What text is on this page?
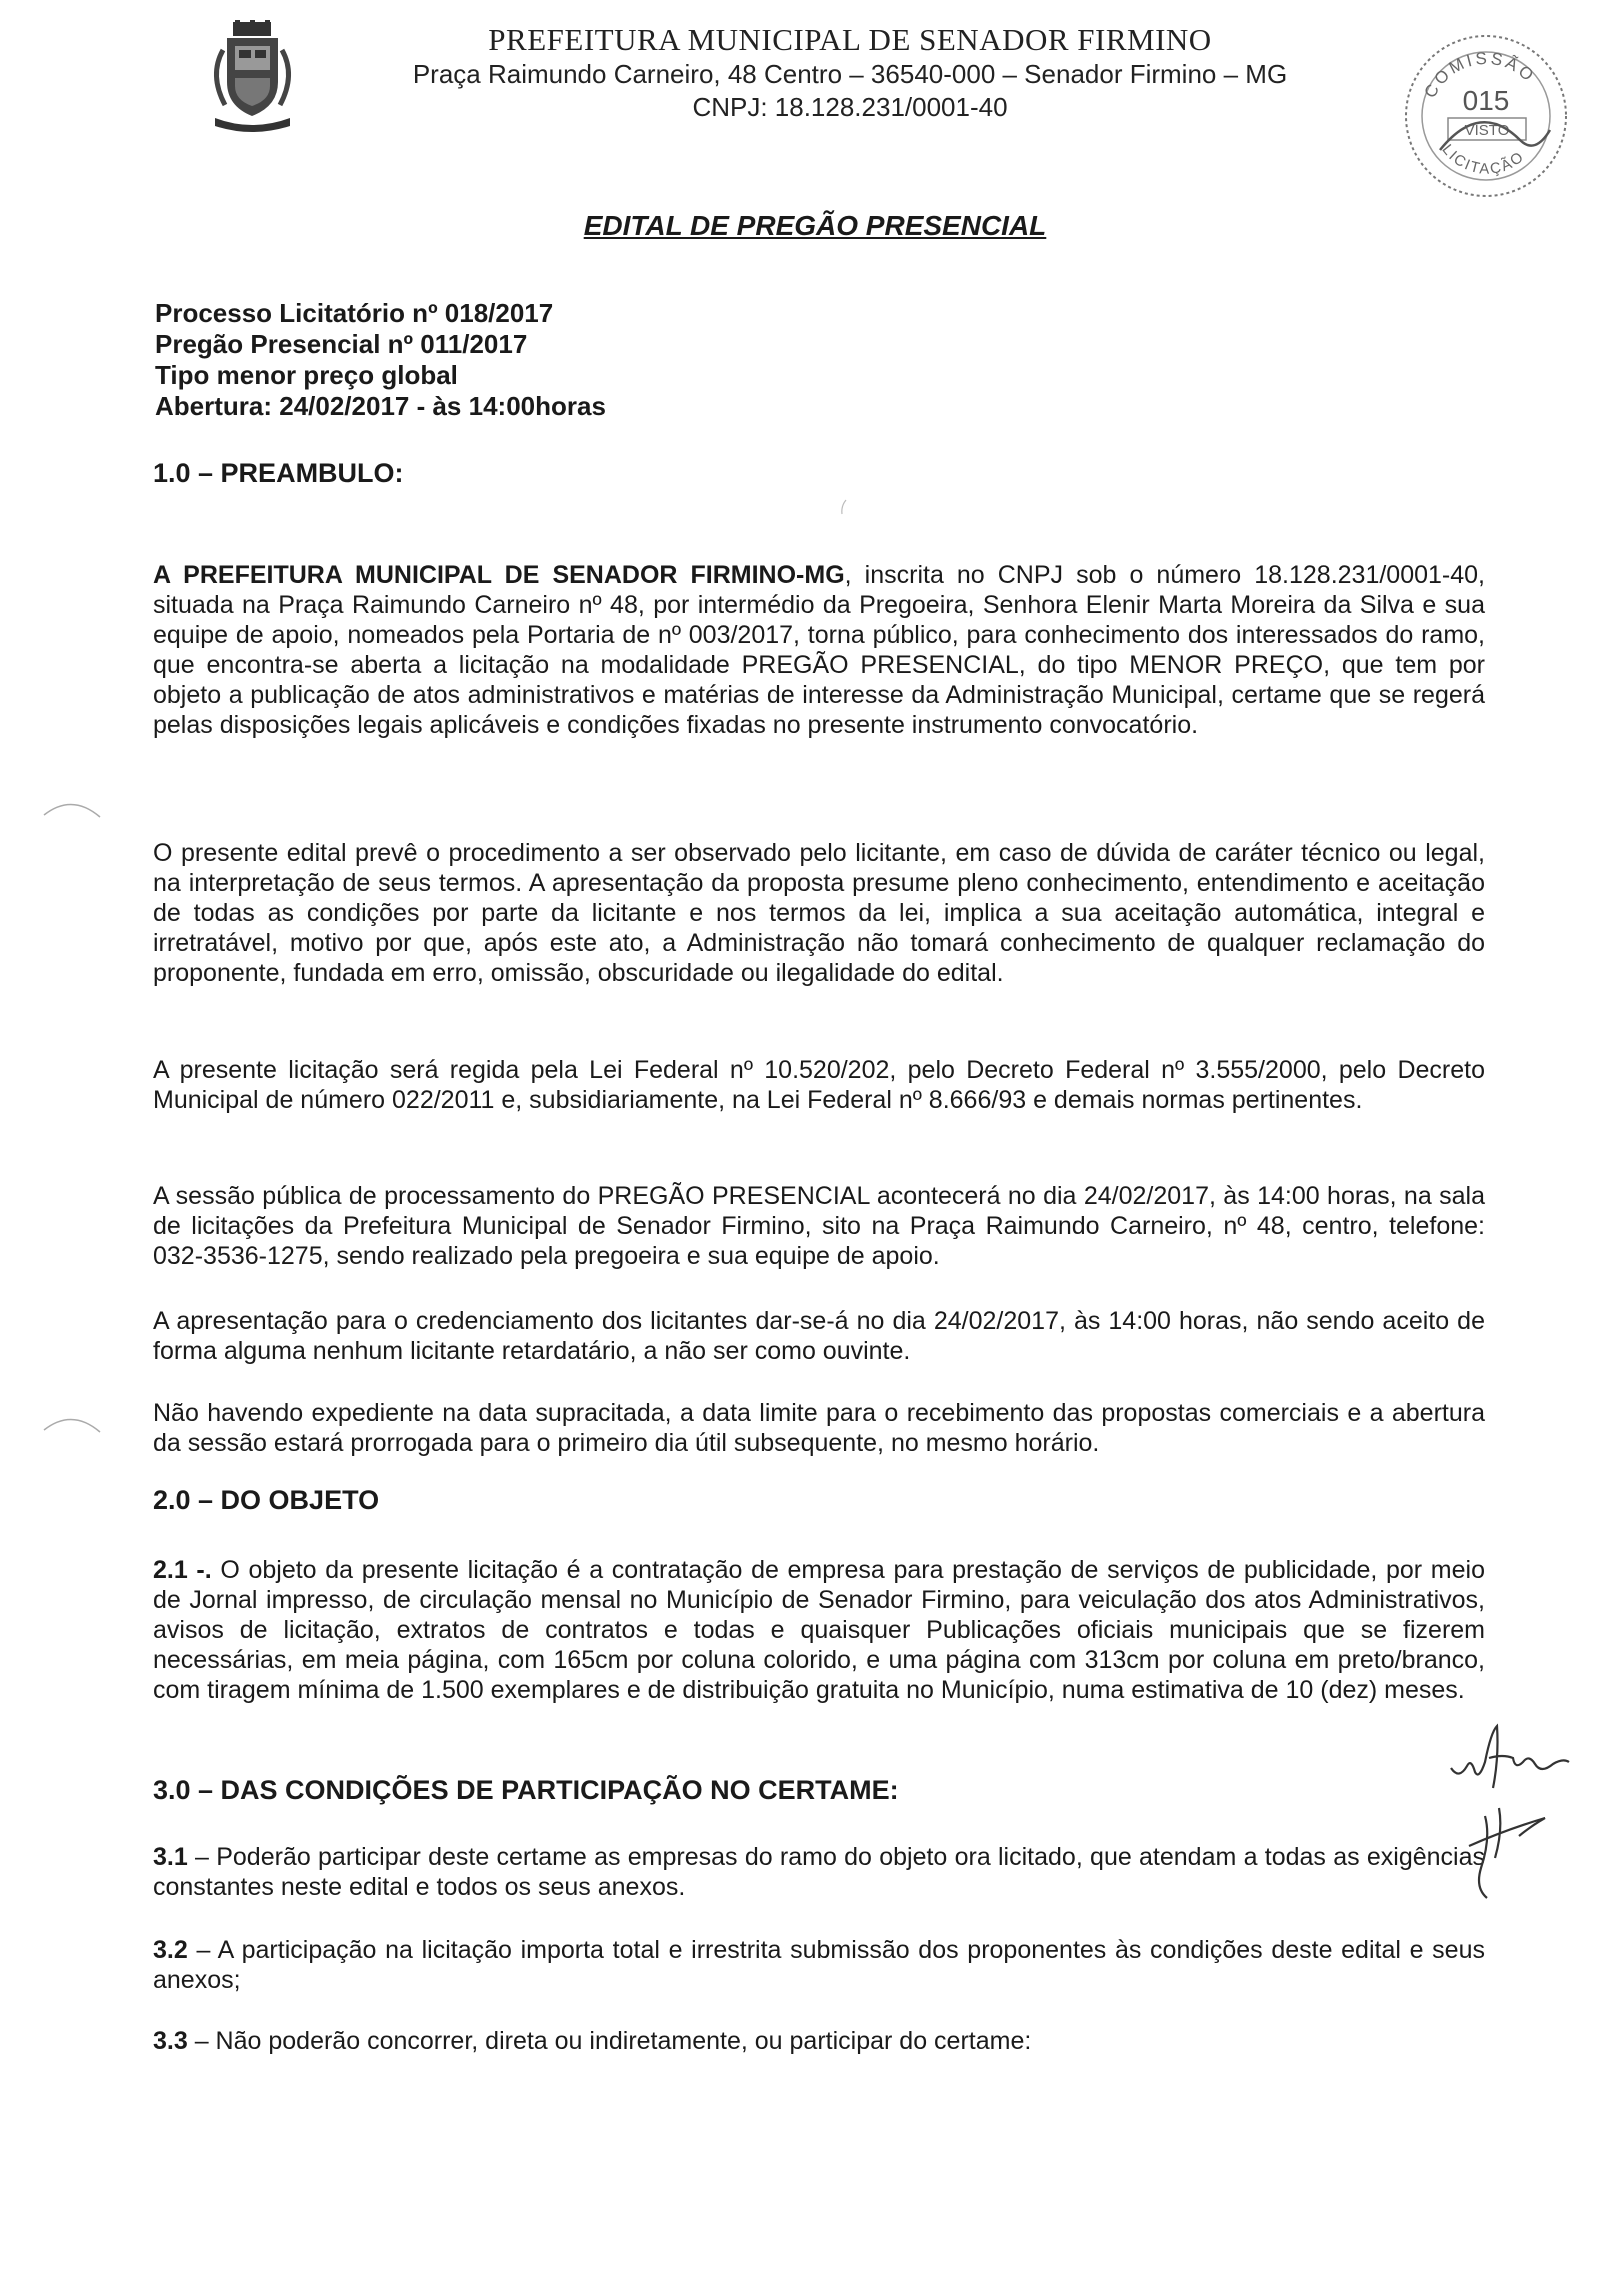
PREFEITURA MUNICIPAL DE SENADOR FIRMINO
Praça Raimundo Carneiro, 48 Centro – 36540-000 – Senador Firmino – MG
CNPJ: 18.128.231/0001-40
COMISSÃO
015
VISTO
LICITAÇÃO
EDITAL DE PREGÃO PRESENCIAL
Processo Licitatório nº 018/2017
Pregão Presencial nº 011/2017
Tipo menor preço global
Abertura: 24/02/2017 - às 14:00horas
1.0 – PREAMBULO:
A PREFEITURA MUNICIPAL DE SENADOR FIRMINO-MG, inscrita no CNPJ sob o número 18.128.231/0001-40, situada na Praça Raimundo Carneiro nº 48, por intermédio da Pregoeira, Senhora Elenir Marta Moreira da Silva e sua equipe de apoio, nomeados pela Portaria de nº 003/2017, torna público, para conhecimento dos interessados do ramo, que encontra-se aberta a licitação na modalidade PREGÃO PRESENCIAL, do tipo MENOR PREÇO, que tem por objeto a publicação de atos administrativos e matérias de interesse da Administração Municipal, certame que se regerá pelas disposições legais aplicáveis e condições fixadas no presente instrumento convocatório.
O presente edital prevê o procedimento a ser observado pelo licitante, em caso de dúvida de caráter técnico ou legal, na interpretação de seus termos. A apresentação da proposta presume pleno conhecimento, entendimento e aceitação de todas as condições por parte da licitante e nos termos da lei, implica a sua aceitação automática, integral e irretratável, motivo por que, após este ato, a Administração não tomará conhecimento de qualquer reclamação do proponente, fundada em erro, omissão, obscuridade ou ilegalidade do edital.
A presente licitação será regida pela Lei Federal nº 10.520/202, pelo Decreto Federal nº 3.555/2000, pelo Decreto Municipal de número 022/2011 e, subsidiariamente, na Lei Federal nº 8.666/93 e demais normas pertinentes.
A sessão pública de processamento do PREGÃO PRESENCIAL acontecerá no dia 24/02/2017, às 14:00 horas, na sala de licitações da Prefeitura Municipal de Senador Firmino, sito na Praça Raimundo Carneiro, nº 48, centro, telefone: 032-3536-1275, sendo realizado pela pregoeira e sua equipe de apoio.
A apresentação para o credenciamento dos licitantes dar-se-á no dia 24/02/2017, às 14:00 horas, não sendo aceito de forma alguma nenhum licitante retardatário, a não ser como ouvinte.
Não havendo expediente na data supracitada, a data limite para o recebimento das propostas comerciais e a abertura da sessão estará prorrogada para o primeiro dia útil subsequente, no mesmo horário.
2.0 – DO OBJETO
2.1 -. O objeto da presente licitação é a contratação de empresa para prestação de serviços de publicidade, por meio de Jornal impresso, de circulação mensal no Município de Senador Firmino, para veiculação dos atos Administrativos, avisos de licitação, extratos de contratos e todas e quaisquer Publicações oficiais municipais que se fizerem necessárias, em meia página, com 165cm por coluna colorido, e uma página com 313cm por coluna em preto/branco, com tiragem mínima de 1.500 exemplares e de distribuição gratuita no Município, numa estimativa de 10 (dez) meses.
3.0 – DAS CONDIÇÕES DE PARTICIPAÇÃO NO CERTAME:
3.1 – Poderão participar deste certame as empresas do ramo do objeto ora licitado, que atendam a todas as exigências constantes neste edital e todos os seus anexos.
3.2 – A participação na licitação importa total e irrestrita submissão dos proponentes às condições deste edital e seus anexos;
3.3 – Não poderão concorrer, direta ou indiretamente, ou participar do certame:
